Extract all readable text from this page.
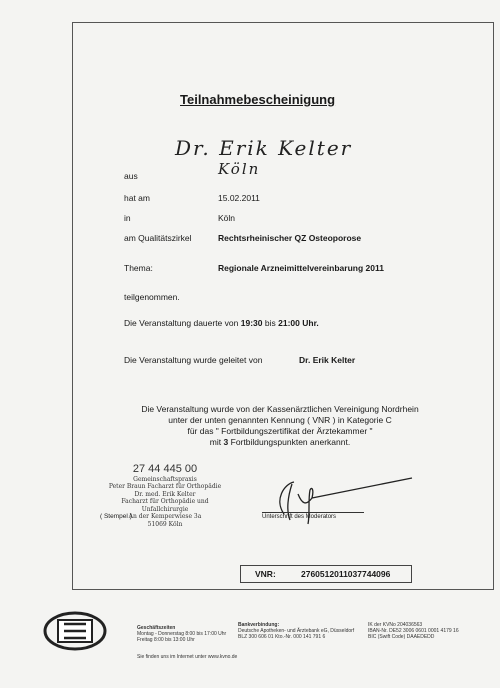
Teilnahmebescheinigung
Dr. Erik Kelter
aus	Köln
hat am	15.02.2011
in	Köln
am Qualitätszirkel	Rechtsrheinischer QZ Osteoporose
Thema:	Regionale Arzneimittelvereinbarung 2011
teilgenommen.
Die Veranstaltung dauerte von 19:30 bis 21:00 Uhr.
Die Veranstaltung wurde geleitet von	Dr. Erik Kelter
Die Veranstaltung wurde von der Kassenärztlichen Vereinigung Nordrhein
unter der unten genannten Kennung ( VNR ) in Kategorie C
für das " Fortbildungszertifikat der Ärztekammer "
mit 3 Fortbildungspunkten anerkannt.
27 44 445 00
Gemeinschaftspraxis
Peter Braun Facharzt für Orthopädie
Dr. med. Erik Kelter
Facharzt für Orthopädie und Unfallchirurgie
An der Kemperwiese 3a
51069 Köln
( Stempel )	Unterschrift des Moderators
VNR:	2760512011037744096
Geschäftszeiten
Montag - Donnerstag 8:00 bis 17:00 Uhr
Freitag 8:00 bis 13:00 Uhr
Bankverbindung:
Deutsche Apotheken- und Ärztebank eG, Düsseldorf
BLZ 300 606 01 Kto.-Nr. 000 141 791 6
IK der KVNo 204036563
IBAN-Nr. DE52 3006 0601 0001 4179 16
BIC (Swift Code) DAAEDEDD
Sie finden uns im Internet unter www.kvno.de
